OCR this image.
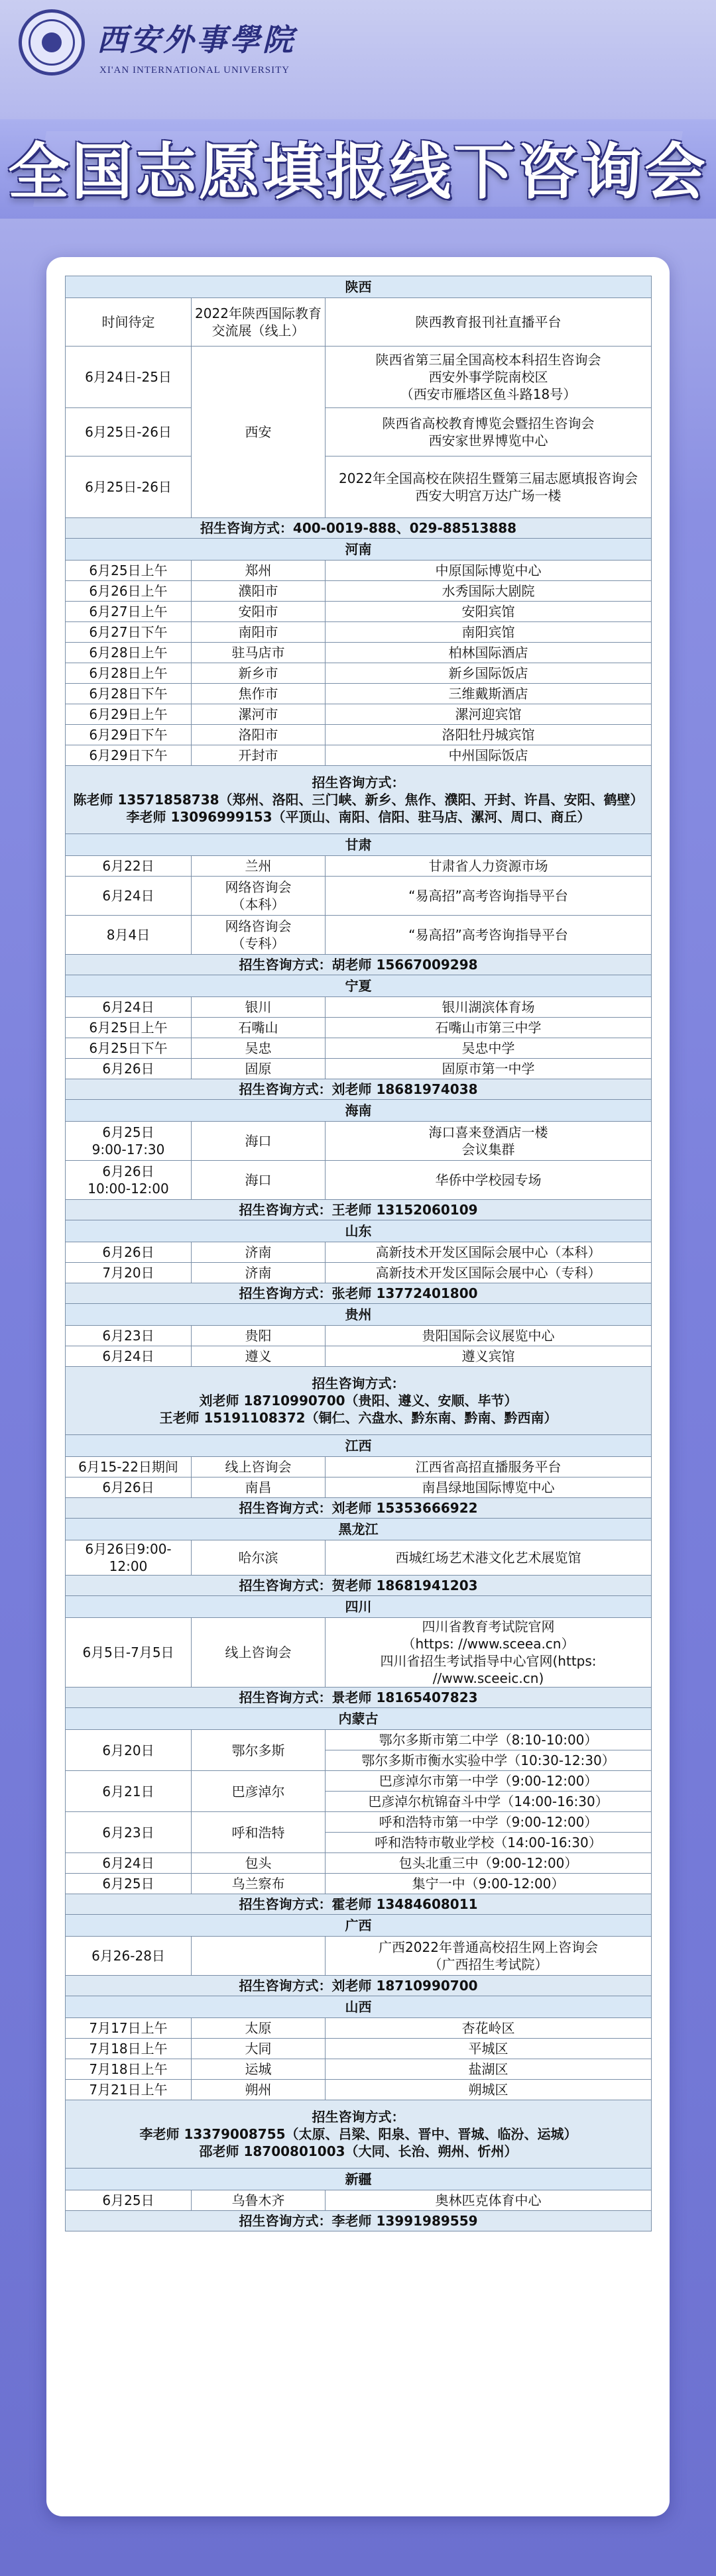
西安外事學院
XI'AN INTERNATIONAL UNIVERSITY
全国志愿填报线下咨询会
陕西		
时间待定	2022年陕西国际教育交流展（线上）	陕西教育报刊社直播平台
6月24日-25日	西安	陕西省第三届全国高校本科招生咨询会
西安外事学院南校区
（西安市雁塔区鱼斗路18号）
6月25日-26日		陕西省高校教育博览会暨招生咨询会
西安家世界博览中心
6月25日-26日		2022年全国高校在陕招生暨第三届志愿填报咨询会
西安大明宫万达广场一楼
招生咨询方式：400-0019-888、029-88513888		
河南		
6月25日上午	郑州	中原国际博览中心
6月26日上午	濮阳市	水秀国际大剧院
6月27日上午	安阳市	安阳宾馆
6月27日下午	南阳市	南阳宾馆
6月28日上午	驻马店市	柏林国际酒店
6月28日上午	新乡市	新乡国际饭店
6月28日下午	焦作市	三维戴斯酒店
6月29日上午	漯河市	漯河迎宾馆
6月29日下午	洛阳市	洛阳牡丹城宾馆
6月29日下午	开封市	中州国际饭店
招生咨询方式：
陈老师 13571858738（郑州、洛阳、三门峡、新乡、焦作、濮阳、开封、许昌、安阳、鹤壁）
李老师 13096999153（平顶山、南阳、信阳、驻马店、漯河、周口、商丘）		
甘肃		
6月22日	兰州	甘肃省人力资源市场
6月24日	网络咨询会
（本科）	“易高招”高考咨询指导平台
8月4日	网络咨询会
（专科）	“易高招”高考咨询指导平台
招生咨询方式：胡老师 15667009298		
宁夏		
6月24日	银川	银川湖滨体育场
6月25日上午	石嘴山	石嘴山市第三中学
6月25日下午	吴忠	吴忠中学
6月26日	固原	固原市第一中学
招生咨询方式：刘老师 18681974038		
海南		
6月25日
9:00-17:30	海口	海口喜来登酒店一楼
会议集群
6月26日
10:00-12:00	海口	华侨中学校园专场
招生咨询方式：王老师 13152060109		
山东		
6月26日	济南	高新技术开发区国际会展中心（本科）
7月20日	济南	高新技术开发区国际会展中心（专科）
招生咨询方式：张老师 13772401800		
贵州		
6月23日	贵阳	贵阳国际会议展览中心
6月24日	遵义	遵义宾馆
招生咨询方式：
刘老师 18710990700（贵阳、遵义、安顺、毕节）
王老师 15191108372（铜仁、六盘水、黔东南、黔南、黔西南）		
江西		
6月15-22日期间	线上咨询会	江西省高招直播服务平台
6月26日	南昌	南昌绿地国际博览中心
招生咨询方式：刘老师 15353666922		
黑龙江		
6月26日9:00-12:00	哈尔滨	西城红场艺术港文化艺术展览馆
招生咨询方式：贺老师 18681941203		
四川		
6月5日-7月5日	线上咨询会	四川省教育考试院官网
（https: //www.sceea.cn）
四川省招生考试指导中心官网(https: //www.sceeic.cn)
招生咨询方式：景老师 18165407823		
内蒙古		
6月20日	鄂尔多斯	鄂尔多斯市第二中学（8:10-10:00）
		鄂尔多斯市衡水实验中学（10:30-12:30）
6月21日	巴彦淖尔	巴彦淖尔市第一中学（9:00-12:00）
		巴彦淖尔杭锦奋斗中学（14:00-16:30）
6月23日	呼和浩特	呼和浩特市第一中学（9:00-12:00）
		呼和浩特市敬业学校（14:00-16:30）
6月24日	包头	包头北重三中（9:00-12:00）
6月25日	乌兰察布	集宁一中（9:00-12:00）
招生咨询方式：霍老师 13484608011		
广西		
6月26-28日		广西2022年普通高校招生网上咨询会
（广西招生考试院）
招生咨询方式：刘老师 18710990700		
山西		
7月17日上午	太原	杏花岭区
7月18日上午	大同	平城区
7月18日上午	运城	盐湖区
7月21日上午	朔州	朔城区
招生咨询方式：
李老师 13379008755（太原、吕梁、阳泉、晋中、晋城、临汾、运城）
邵老师 18700801003（大同、长治、朔州、忻州）		
新疆		
6月25日	乌鲁木齐	奥林匹克体育中心
招生咨询方式：李老师 13991989559		
